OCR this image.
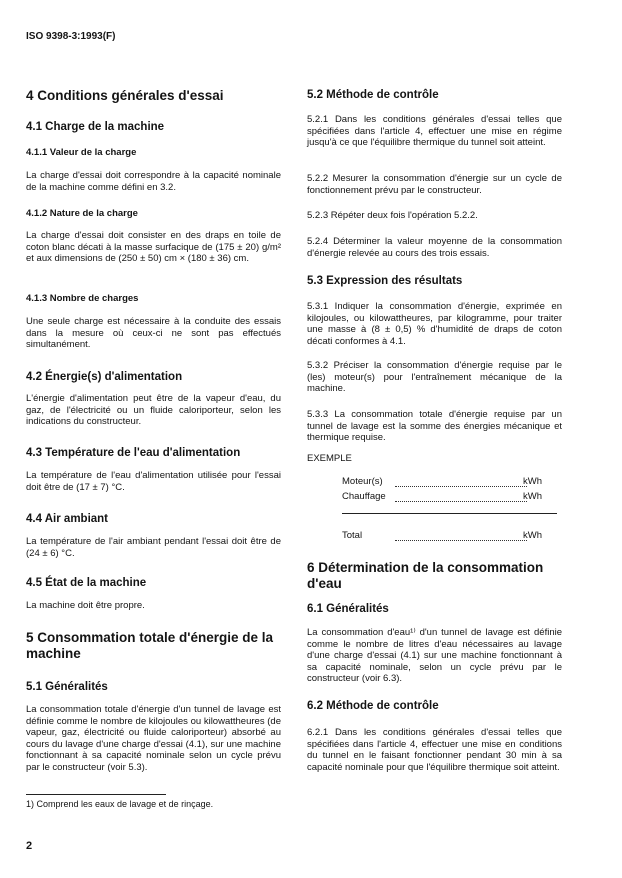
ISO 9398-3:1993(F)
4 Conditions générales d'essai
4.1 Charge de la machine
4.1.1 Valeur de la charge

La charge d'essai doit correspondre à la capacité nominale de la machine comme défini en 3.2.

4.1.2 Nature de la charge

La charge d'essai doit consister en des draps en toile de coton blanc décati à la masse surfacique de (175 ± 20) g/m² et aux dimensions de (250 ± 50) cm × (180 ± 36) cm.

4.1.3 Nombre de charges

Une seule charge est nécessaire à la conduite des essais dans la mesure où ceux-ci ne sont pas effectués simultanément.

4.2 Énergie(s) d'alimentation

L'énergie d'alimentation peut être de la vapeur d'eau, du gaz, de l'électricité ou un fluide caloriporteur, selon les indications du constructeur.

4.3 Température de l'eau d'alimentation

La température de l'eau d'alimentation utilisée pour l'essai doit être de (17 ± 7) °C.

4.4 Air ambiant

La température de l'air ambiant pendant l'essai doit être de (24 ± 6) °C.

4.5 État de la machine

La machine doit être propre.

5 Consommation totale d'énergie de la machine
5.1 Généralités

La consommation totale d'énergie d'un tunnel de lavage est définie comme le nombre de kilojoules ou kilowattheures (de vapeur, gaz, électricité ou fluide caloriporteur) absorbé au cours du lavage d'une charge d'essai (4.1), sur une machine fonctionnant à sa capacité nominale selon un cycle prévu par le constructeur (voir 5.3).

5.2 Méthode de contrôle

5.2.1 Dans les conditions générales d'essai telles que spécifiées dans l'article 4, effectuer une mise en régime jusqu'à ce que l'équilibre thermique du tunnel soit atteint.

5.2.2 Mesurer la consommation d'énergie sur un cycle de fonctionnement prévu par le constructeur.

5.2.3 Répéter deux fois l'opération 5.2.2.

5.2.4 Déterminer la valeur moyenne de la consommation d'énergie relevée au cours des trois essais.

5.3 Expression des résultats

5.3.1 Indiquer la consommation d'énergie, exprimée en kilojoules, ou kilowattheures, par kilogramme, pour traiter une masse à (8 ± 0,5) % d'humidité de draps de coton décati conformes à 4.1.

5.3.2 Préciser la consommation d'énergie requise par le (les) moteur(s) pour l'entraînement mécanique de la machine.

5.3.3 La consommation totale d'énergie requise par un tunnel de lavage est la somme des énergies mécanique et thermique requise.

EXEMPLE

Moteur(s)	kWh
Chauffage	kWh
Total	kWh
6 Détermination de la consommation d'eau
6.1 Généralités

La consommation d'eau¹⁾ d'un tunnel de lavage est définie comme le nombre de litres d'eau nécessaires au lavage d'une charge d'essai (4.1) sur une machine fonctionnant à sa capacité nominale, selon un cycle prévu par le constructeur (voir 6.3).

6.2 Méthode de contrôle

6.2.1 Dans les conditions générales d'essai telles que spécifiées dans l'article 4, effectuer une mise en conditions du tunnel en le faisant fonctionner pendant 30 min à sa capacité nominale pour que l'équilibre thermique soit atteint.

1) Comprend les eaux de lavage et de rinçage.
2
